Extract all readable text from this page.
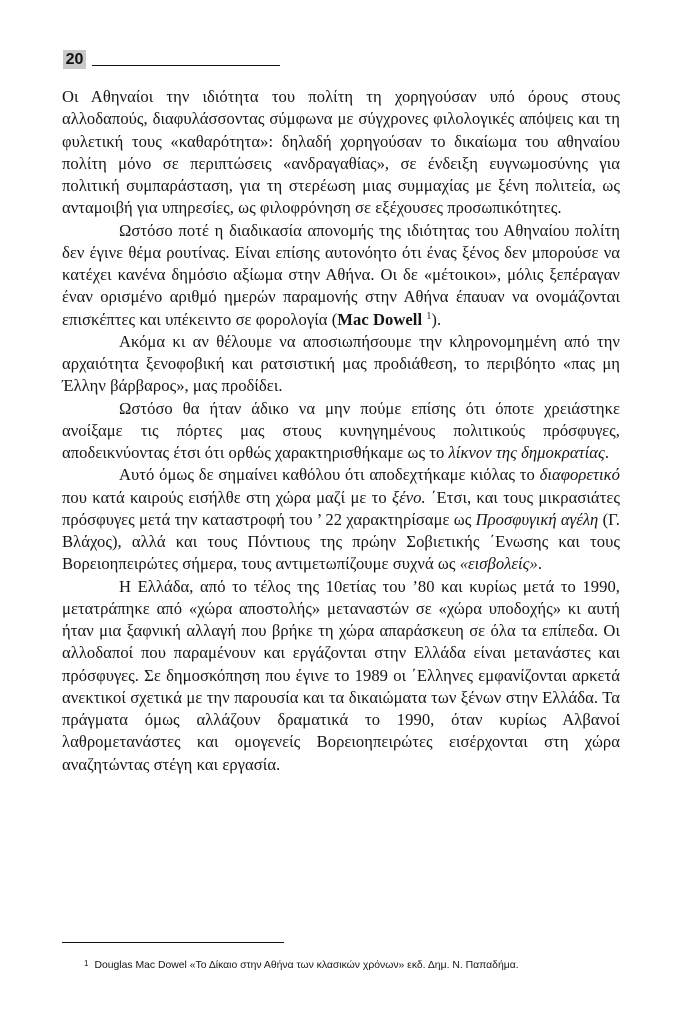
20

Οι Αθηναίοι την ιδιότητα του πολίτη τη χορηγούσαν υπό όρους στους αλλοδαπούς, διαφυλάσσοντας σύμφωνα με σύγχρονες φιλολογικές απόψεις και τη φυλετική τους «καθαρότητα»: δηλαδή χορηγούσαν το δικαίωμα του αθηναίου πολίτη μόνο σε περιπτώσεις «ανδραγαθίας», σε ένδειξη ευγνωμοσύνης για πολιτική συμπαράσταση, για τη στερέωση μιας συμμαχίας με ξένη πολιτεία, ως ανταμοιβή για υπηρεσίες, ως φιλοφρόνηση σε εξέχουσες προσωπικότητες.

Ωστόσο ποτέ η διαδικασία απονομής της ιδιότητας του Αθηναίου πολίτη δεν έγινε θέμα ρουτίνας. Είναι επίσης αυτονόητο ότι ένας ξένος δεν μπορούσε να κατέχει κανένα δημόσιο αξίωμα στην Αθήνα. Οι δε «μέτοικοι», μόλις ξεπέραγαν έναν ορισμένο αριθμό ημερών παραμονής στην Αθήνα έπαυαν να ονομάζονται επισκέπτες και υπέκειντο σε φορολογία (Mac Dowell $^1$).

Ακόμα κι αν θέλουμε να αποσιωπήσουμε την κληρονομημένη από την αρχαιότητα ξενοφοβική και ρατσιστική μας προδιάθεση, το περιβόητο «πας μη Έλλην βάρβαρος», μας προδίδει.

Ωστόσο θα ήταν άδικο να μην πούμε επίσης ότι όποτε χρειάστηκε ανοίξαμε τις πόρτες μας στους κυνηγημένους πολιτικούς πρόσφυγες, αποδεικνύοντας έτσι ότι ορθώς χαρακτηρισθήκαμε ως το λίκνον της δημοκρατίας.

Αυτό όμως δε σημαίνει καθόλου ότι αποδεχτήκαμε κιόλας το διαφορετικό που κατά καιρούς εισήλθε στη χώρα μαζί με το ξένο. ΄Ετσι, και τους μικρασιάτες πρόσφυγες μετά την καταστροφή του ’ 22 χαρακτηρίσαμε ως Προσφυγική αγέλη (Γ. Βλάχος), αλλά και τους Πόντιους της πρώην Σοβιετικής ΄Ενωσης και τους Βορειοηπειρώτες σήμερα, τους αντιμετωπίζουμε συχνά ως «εισβολείς».

Η Ελλάδα, από το τέλος της 10ετίας του ’80 και κυρίως μετά το 1990, μετατράπηκε από «χώρα αποστολής» μεταναστών σε «χώρα υποδοχής» κι αυτή ήταν μια ξαφνική αλλαγή που βρήκε τη χώρα απαράσκευη σε όλα τα επίπεδα. Οι αλλοδαποί που παραμένουν και εργάζονται στην Ελλάδα είναι μετανάστες και πρόσφυγες. Σε δημοσκόπηση που έγινε το 1989 οι ΄Ελληνες εμφανίζονται αρκετά ανεκτικοί σχετικά με την παρουσία και τα δικαιώματα των ξένων στην Ελλάδα. Τα πράγματα όμως αλλάζουν δραματικά το 1990, όταν κυρίως Αλβανοί λαθρομετανάστες και ομογενείς Βορειοηπειρώτες εισέρχονται στη χώρα αναζητώντας στέγη και εργασία.

$^1$ Douglas Mac Dowel «Το Δίκαιο στην Αθήνα των κλασικών χρόνων» εκδ. Δημ. Ν. Παπαδήμα.
